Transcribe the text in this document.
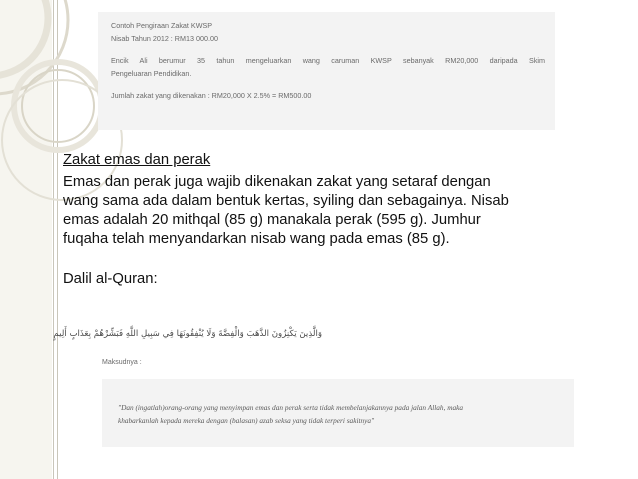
Contoh Pengiraan Zakat KWSP

Nisab Tahun 2012 : RM13 000.00

Encik Ali berumur 35 tahun mengeluarkan wang caruman KWSP sebanyak RM20,000 daripada Skim

Pengeluaran Pendidikan.

Jumlah zakat yang dikenakan : RM20,000 X 2.5% = RM500.00

Zakat emas dan perak

Emas dan perak juga wajib dikenakan zakat yang setaraf dengan
wang sama ada dalam bentuk kertas, syiling dan sebagainya. Nisab
emas adalah 20 mithqal (85 g) manakala perak (595 g). Jumhur
fuqaha telah menyandarkan nisab wang pada emas (85 g).

Dalil al-Quran:

وَالَّذِينَ يَكْنِزُونَ الذَّهَبَ وَالْفِضَّةَ وَلَا يُنْفِقُونَهَا فِي سَبِيلِ اللَّهِ فَبَشِّرْهُمْ بِعَذَابٍ أَلِيمٍ
Maksudnya :
"Dan (ingatlah)orang-orang yang menyimpan emas dan perak serta tidak membelanjakannya pada jalan Allah, maka
khabarkanlah kepada mereka dengan (balasan) azab seksa yang tidak terperi sakitnya"
